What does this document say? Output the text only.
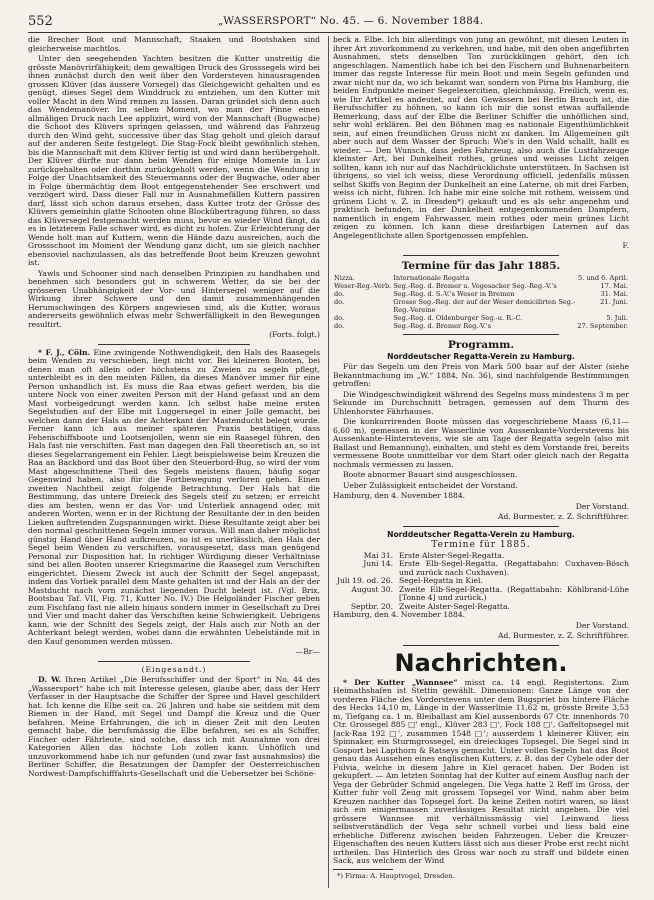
552	„WASSERSPORT“ No. 45. — 6. November 1884.

die Brecher Boot und Mannschaft, Staaken und Bootshaken sind gleicherweise machtlos.

Unter den seegehenden Yachten besitzen die Kutter unstreitig die grösste Manövrirfähigkeit; dem gewaltigen Druck des Grosssegels wird bei ihnen zunächst durch den weit über den Vordersteven hinausragenden grossen Klüver (das äussere Vorsegel) das Gleichgewicht gehalten und es genügt, dieses Segel dem Winddruck zu entziehen, um den Kutter mit voller Macht in den Wind rennen zu lassen. Daran gründet sich denn auch das Wendemanöver. Im selben Moment, wo man der Pinne einen allmäligen Druck nach Lee applizirt, wird von der Mannschaft (Bugwache) die Schoot des Klüvers springen gelassen, und während das Fahrzeug durch den Wind geht, successive über das Stag geholt und gleich darauf auf der anderen Seite festgelegt. Die Stag-Fock bleibt gewöhnlich stehen, bis die Mannschaft mit dem Klüver fertig ist und wird dann herübergeholt. Der Klüver dürfte nur dann beim Wenden für einige Momente in Luv zurückgehalten oder dorthin zurückgeholt werden, wenn die Wendung in Folge der Unachtsamkeit des Steuermanns oder der Bugwache, oder aber in Folge übermächtig dem Boot entgegenstehender See erschwert und verzögert wird. Dass dieser Fall nur in Ausnahmefällen Kuttern passiren darf, lässt sich schon daraus ersehen, dass Kutter trotz der Grösse des Klüvers gemeinhin glatte Schooten ohne Blockübertragung führen, so dass das Klüversegel festgemacht werden muss, bevor es wieder Wind fängt, da es in letzterem Falle schwer wird, es dicht zu holen. Zur Erleichterung der Wende holt man auf Kuttern, wenn die Hände dazu ausreichen, auch die Grossschoot im Moment der Wendung ganz dicht, um sie gleich nachher ebensoviel nachzulassen, als das betreffende Boot beim Kreuzen gewohnt ist.

Yawls und Schooner sind nach denselben Prinzipien zu handhaben und benehmen sich besonders gut in schwerem Wetter, da sie bei der grösseren Unabhängigkeit der Vor- und Hintersegel weniger auf die Wirkung ihrer Schwere und den damit zusammenhängenden Herumschwingen des Körpers angewiesen sind, als die Kutter, woraus andererseits gewöhnlich etwas mehr Schwerfälligkeit in den Bewegungen resultirt.

(Forts. folgt.)

* F. J., Cöln. Eine zwingende Nothwendigkeit, den Hals des Raasegels beim Wenden zu verschieben, liegt nicht vor. Bei kleineren Booten, bei denen man oft allein oder höchstens zu Zweien zu segeln pflegt, unterbleibt es in den meisten Fällen, da dieses Manöver immer für eine Person unhandlich ist. Es muss die Raa etwas gefiert werden, bis die untere Nock von einer zweiten Person mit der Hand gefasst und an dem Mast vorbeigedrungt werden kann. Ich selbst habe meine ersten Segelstudien auf der Elbe mit Luggersegel in einer Jolle gemacht, bei welchen dann der Hals an der Achterkant der Mastenducht belegt wurde. Ferner kann ich aus meiner späteren Praxis bestätigen, dass Fehenschiffsboote und Lootsenjollen, wenn sie ein Raasegel führen, den Hals fast nie verschiften. Fast man dagegen den Fall theoretisch an, so ist dieses Segelarrangement ein Fehler. Liegt beispielsweise beim Kreuzen die Raa an Backbord und das Boot über den Steuerbord-Bug, so wird der vom Mast abgeschnittene Theil des Segels meistens flauen, häufig sogar Gegenwind haben, also für die Fortbewegung verloren gehen. Einen zweiten Nachtheil zeigt folgende Betrachtung. Der Hals hat die Bestimmung, das untere Dreieck des Segels steif zu setzen; er erreicht dies am besten, wenn er das Vor- und Unterliek annagend oder, mit anderen Worten, wenn er in der Richtung der Resultante der in den beiden Lieken auftretenden Zugspannungen wirkt. Diese Resultante zeigt aber bei den normal geschnittenen Segeln immer voraus. Will man daher möglichst günstig Hand über Hand aufkreuzen, so ist es unerlässlich, den Hals der Segel beim Wenden zu verschiften, vorausgesetzt, dass man genügend Personal zur Disposition hat. In richtiger Würdigung dieser Verhältnisse sind bei allen Booten unserer Kriegsmarine die Raasegel zum Verschiften eingerichtet. Diesem Zweck ist auch der Schnitt der Segel angepasst, indem das Vorliek parallel dem Maste gehalten ist und der Hals an der der Mastducht nach vorn zunächst liegenden Ducht belegt ist. (Vgl. Brix, Bootsbau Taf. VII, Fig. 71, Kutter No. IV.) Die Helgoländer Fischer geben zum Fischfang fast nie allein hinaus sondern immer in Gesellschaft zu Drei und Vier und macht daher das Verschiften keine Schwierigkeit. Uebrigens kann, wie der Schnitt des Segels zeigt, der Hals auch zur Noth an der Achterkant belegt werden, wobei dann die erwähnten Uebelstände mit in den Kauf genommen werden müssen.

—Br—

(Eingesandt.)

D. W. Ihren Artikel „Die Berufsschiffer und der Sport“ in No. 44 des „Wassersport“ habe ich mit Interesse gelesen, glaube aber, dass der Herr Verfasser in der Hauptsache die Schiffer der Spree und Havel geschildert hat. Ich kenne die Elbe seit ca. 26 Jahren und habe sie seitdem mit dem Riemen in der Hand, mit Segel und Dampf die Kreuz und die Quer befahren. Meine Erfahrungen, die ich in dieser Zeit mit den Leuten gemacht habe, die berufsmässig die Elbe befahren, sei es als Schiffer, Fischer oder Fährleute, sind solche, dass ich mit Ausnahme von drei Kategorien Allen das höchste Lob zollen kann. Unhöflich und unzuvorkommend habe ich nur gefunden (und zwar fast ausnahmslos) die Berliner Schiffer, die Besatzungen der Dampfer der Oesterreichischen Nordwest-Dampfschifffahrts-Gesellschaft und die Uebersetzer bei Schöne-

beck a. Elbe. Ich bin allerdings von jung an gewöhnt, mit diesen Leuten in ihrer Art zuvorkommend zu verkehren, und habe, mit den oben angeführten Ausnahmen, stets denselben Ton zurückklingen gehört, den ich angeschlagen. Namentlich habe ich bei den Fischern und Buhnenarbeitern immer das regste Interesse für mein Boot und mein Segeln gefunden und zwar nicht nur da, wo ich bekannt war, sondern von Pirna bis Hamburg, die beiden Endpunkte meiner Segelexercitien, gleichmässig. Freilich, wenn es, wie Ihr Artikel es andeutet, auf den Gewässern bei Berlin Brauch ist, die Berufsschiffer zu höhnen, so kann ich mir die sonst etwas auffallende Bemerkung, dass auf der Elbe die Berliner Schiffer die unhöflichen sind, sehr wohl erklären. Bei den Böhmen mag es nationale Eigenthümlichkeit sein, auf einen freundlichen Gruss nicht zu danken. Im Allgemeinen gilt aber auch auf dem Wasser der Spruch: Wie's in den Wald schallt, hallt es wieder. — Den Wunsch, dass jedes Fahrzeug, also auch die Lustfahrzeuge kleinster Art, bei Dunkelheit rothes, grünes und weisses Licht zeigen sollten, kann ich nur auf das Nachdrücklichste unterstützen. In Sachsen ist übrigens, so viel ich weiss, diese Verordnung officiell, jedenfalls müssen selbst Skiffs von Beginn der Dunkelheit an eine Laterne, ob mit drei Farben, weiss ich nicht, führen. Ich habe mir eine solche mit rothem, weissem und grünem Licht v. Z. in Dresden*) gekauft und es als sehr angenehm und praktisch befunden, in der Dunkelheit entgegenkommenden Dampfern, namentlich in engem Fahrwasser, mein rothes oder mein grünes Licht zeigen zu können. Ich kann diese dreifarbigen Laternen auf das Angelegentlichste allen Sportgenossen empfehlen.

F.

Termine für das Jahr 1885.
Nizza.	Internationale Regatta	5. und 6. April.
Weser-Reg.-Verb.	Seg.-Reg. d. Bremer u. Vegesacker Seg.-Reg.-V.'s	17. Mai.
do.	Seg.-Reg. d. S.-V.'s Weser in Bremen	31. Mai.
do.	Grosse Seg.-Reg. der auf der Weser domicilirten Seg.-Reg.-Vereine	21. Juni.
do.	Seg.-Reg. d. Oldenburger Seg.-u. R.-C.	5. Juli.
do.	Seg.-Reg. d. Bremer Reg.-V.'s	27. September.
Programm.
Norddeutscher Regatta-Verein zu Hamburg.

Für das Segeln um den Preis von Mark 500 baar auf der Alster (siehe Bekanntmachung im „W.“ 1884, No. 36), sind nachfolgende Bestimmungen getroffen:

Die Windgeschwindigkeit während des Segelns muss mindestens 3 m per Sekunde im Durchschnitt betragen, gemessen auf dem Thurm des Uhlenhorster Fährhauses.

Die konkurrirenden Boote müssen das vorgeschriebene Maass (6,11—6,60 m), gemessen in der Wasserlinie von Aussenkante-Vorderstevens bis Aussenkante-Hinterstevens, wie sie am Tage der Regatta segeln (also mit Ballast und Bemannung), einhalten, und steht es dem Vorstande frei, bereits vermessene Boote unmittelbar vor dem Start oder gleich nach der Regatta nochmals vermessen zu lassen.

Boote abnormer Bauart sind ausgeschlossen.

Ueber Zulässigkeit entscheidet der Vorstand.

Hamburg, den 4. November 1884.

Der Vorstand.

Ad. Burmester, z. Z. Schriftführer.

Norddeutscher Regatta-Verein zu Hamburg.
Termine für 1885.
Mai 31.	Erste Alster-Segel-Regatta.
Juni 14.	Erste Elb-Segel-Regatta. (Regattabahn: Cuxhaven-Bösch und zurück nach Cuxhaven).
Juli 19. od. 26.	Segel-Regatta in Kiel.
August 30.	Zweite Elb-Segel-Regatta. (Regattabahn: Köhlbrand-Lühe [Tonne 4] und zurück.)
Septbr. 20.	Zweite Alster-Segel-Regatta.

Hamburg, den 4. November 1884.

Der Vorstand.

Ad. Burmester, z. Z. Schriftführer.

Nachrichten.

* Der Kutter „Wannsee“ misst ca. 14 engl. Registertons. Zum Heimathshafen ist Stettin gewählt. Dimensionen: Ganze Länge von der vorderen Fläche des Vorderstevens unter dem Bugspriet bis hintere Fläche des Hecks 14,10 m, Länge in der Wasserlinie 11,62 m, grösste Breite 3,53 m, Tiefgang ca. 1 m. Bleiballast am Kiel aussenbords 67 Ctr. innenbords 70 Ctr. Grossegel 885 □' engl., Klüver 283 □', Fock 188 □', Gaffeltopsegel mit Jack-Raa 192 □', zusammen 1548 □'; ausserdem 1 kleinerer Klüver, ein Spinnaker, ein Sturmgrossegel, ein dreieckiges Topsegel. Die Segel sind in Gosport bei Lapthorn & Ratseys gemacht. Unter vollen Segeln hat das Boot genau das Aussehen eines englischen Kutters, z. B. das der Cybele oder der Fulvia, welche in diesem Jahre in Kiel geracet haben. Der Boden ist gekupfert. — Am letzten Sonntag hat der Kutter auf einem Ausflug nach der Vega der Gebrüder Schmid angelegen. Die Vega hatte 2 Reff im Gross, der Kutter fuhr voll Zeug mit grossem Topsegel vor Wind, nahm aber beim Kreuzen nachher das Topsegel fort. Da keine Zeiten notirt waren, so lässt sich ein einigermassen zuverlässiges Resultat nicht angeben. Die viel grössere Wannsee mit verhältnissmässig viel Leinwand liess selbstverständlich der Vega sehr schnell vorbei und liess bald eine erhebliche Differenz zwischen beiden Fahrzeugen. Ueber die Kreuzer-Eigenschaften des neuen Kutters lässt sich aus dieser Probe erst recht nicht urtheilen. Das Hinterlich des Gross war noch zu straff und bildete einen Sack, aus welchem der Wind

*) Firma: A. Hauptvogel, Dresden.
